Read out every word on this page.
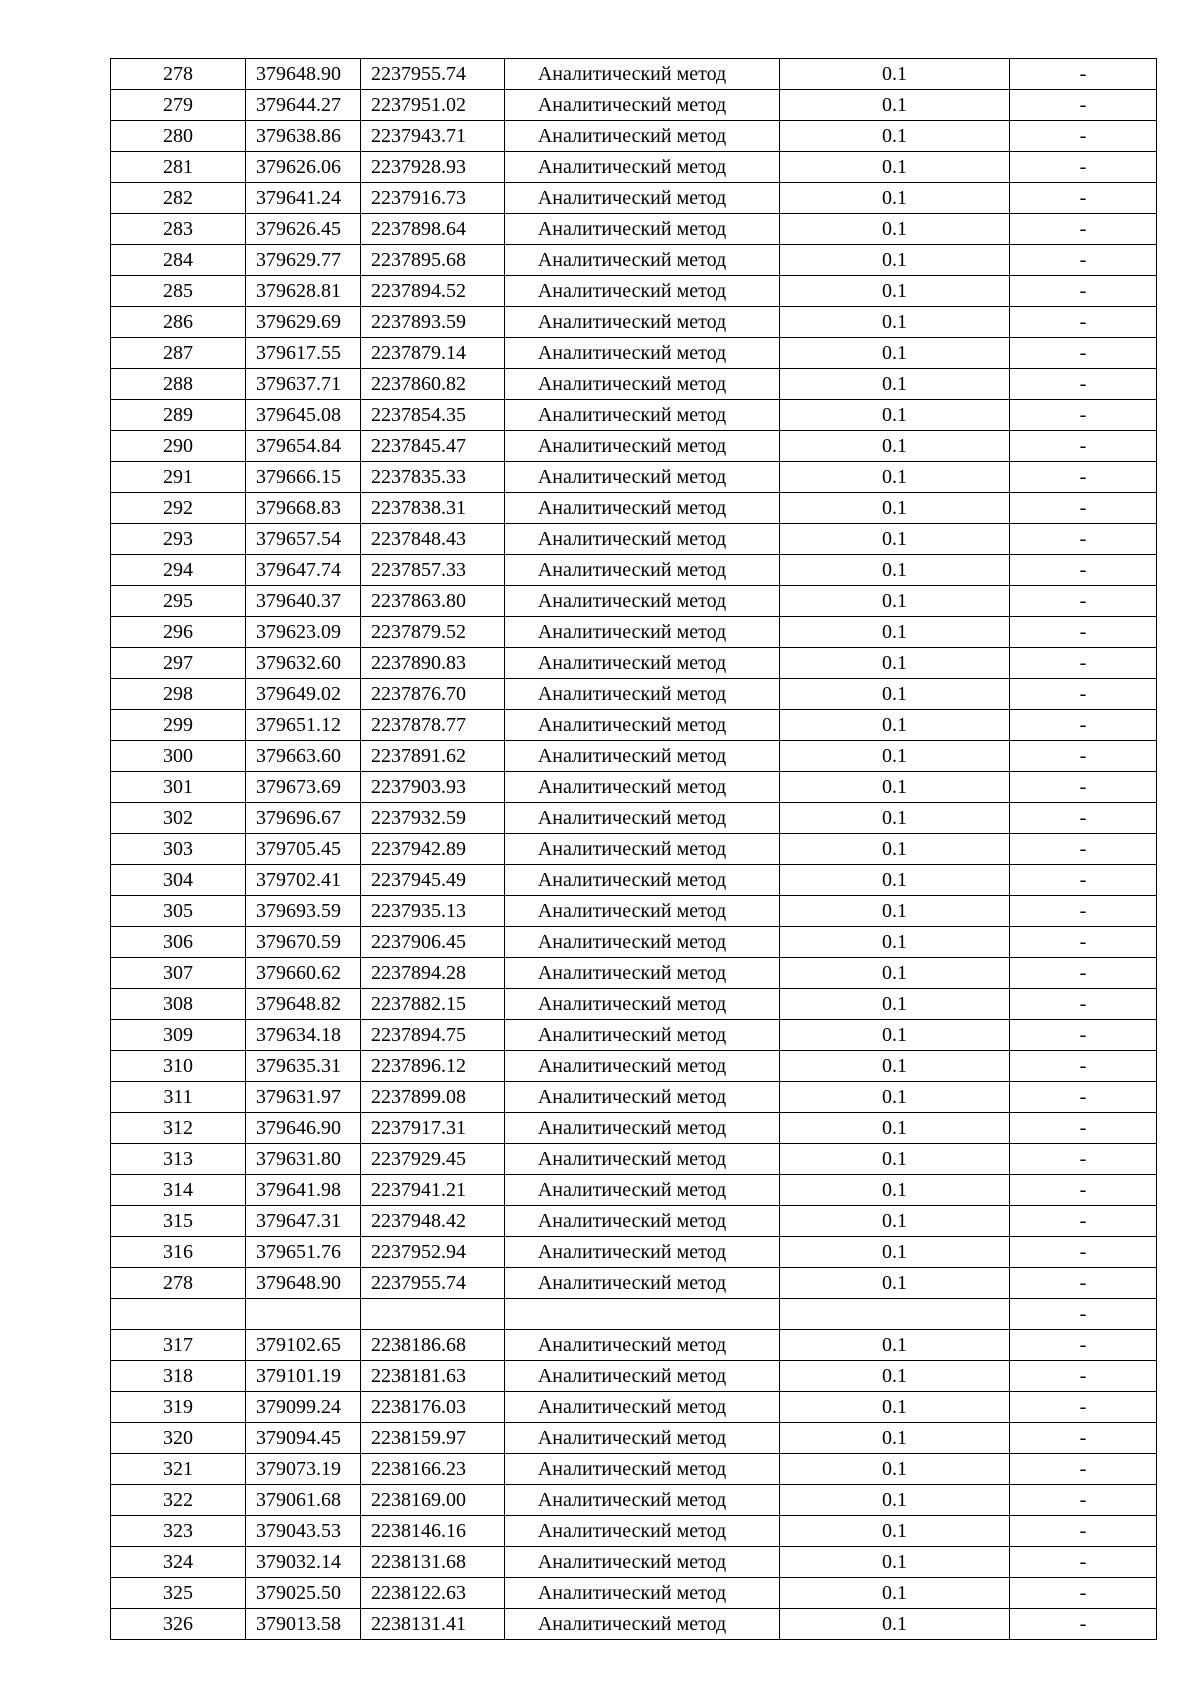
278	379648.90	2237955.74	Аналитический метод	0.1	-
279	379644.27	2237951.02	Аналитический метод	0.1	-
280	379638.86	2237943.71	Аналитический метод	0.1	-
281	379626.06	2237928.93	Аналитический метод	0.1	-
282	379641.24	2237916.73	Аналитический метод	0.1	-
283	379626.45	2237898.64	Аналитический метод	0.1	-
284	379629.77	2237895.68	Аналитический метод	0.1	-
285	379628.81	2237894.52	Аналитический метод	0.1	-
286	379629.69	2237893.59	Аналитический метод	0.1	-
287	379617.55	2237879.14	Аналитический метод	0.1	-
288	379637.71	2237860.82	Аналитический метод	0.1	-
289	379645.08	2237854.35	Аналитический метод	0.1	-
290	379654.84	2237845.47	Аналитический метод	0.1	-
291	379666.15	2237835.33	Аналитический метод	0.1	-
292	379668.83	2237838.31	Аналитический метод	0.1	-
293	379657.54	2237848.43	Аналитический метод	0.1	-
294	379647.74	2237857.33	Аналитический метод	0.1	-
295	379640.37	2237863.80	Аналитический метод	0.1	-
296	379623.09	2237879.52	Аналитический метод	0.1	-
297	379632.60	2237890.83	Аналитический метод	0.1	-
298	379649.02	2237876.70	Аналитический метод	0.1	-
299	379651.12	2237878.77	Аналитический метод	0.1	-
300	379663.60	2237891.62	Аналитический метод	0.1	-
301	379673.69	2237903.93	Аналитический метод	0.1	-
302	379696.67	2237932.59	Аналитический метод	0.1	-
303	379705.45	2237942.89	Аналитический метод	0.1	-
304	379702.41	2237945.49	Аналитический метод	0.1	-
305	379693.59	2237935.13	Аналитический метод	0.1	-
306	379670.59	2237906.45	Аналитический метод	0.1	-
307	379660.62	2237894.28	Аналитический метод	0.1	-
308	379648.82	2237882.15	Аналитический метод	0.1	-
309	379634.18	2237894.75	Аналитический метод	0.1	-
310	379635.31	2237896.12	Аналитический метод	0.1	-
311	379631.97	2237899.08	Аналитический метод	0.1	-
312	379646.90	2237917.31	Аналитический метод	0.1	-
313	379631.80	2237929.45	Аналитический метод	0.1	-
314	379641.98	2237941.21	Аналитический метод	0.1	-
315	379647.31	2237948.42	Аналитический метод	0.1	-
316	379651.76	2237952.94	Аналитический метод	0.1	-
278	379648.90	2237955.74	Аналитический метод	0.1	-
					-
317	379102.65	2238186.68	Аналитический метод	0.1	-
318	379101.19	2238181.63	Аналитический метод	0.1	-
319	379099.24	2238176.03	Аналитический метод	0.1	-
320	379094.45	2238159.97	Аналитический метод	0.1	-
321	379073.19	2238166.23	Аналитический метод	0.1	-
322	379061.68	2238169.00	Аналитический метод	0.1	-
323	379043.53	2238146.16	Аналитический метод	0.1	-
324	379032.14	2238131.68	Аналитический метод	0.1	-
325	379025.50	2238122.63	Аналитический метод	0.1	-
326	379013.58	2238131.41	Аналитический метод	0.1	-
